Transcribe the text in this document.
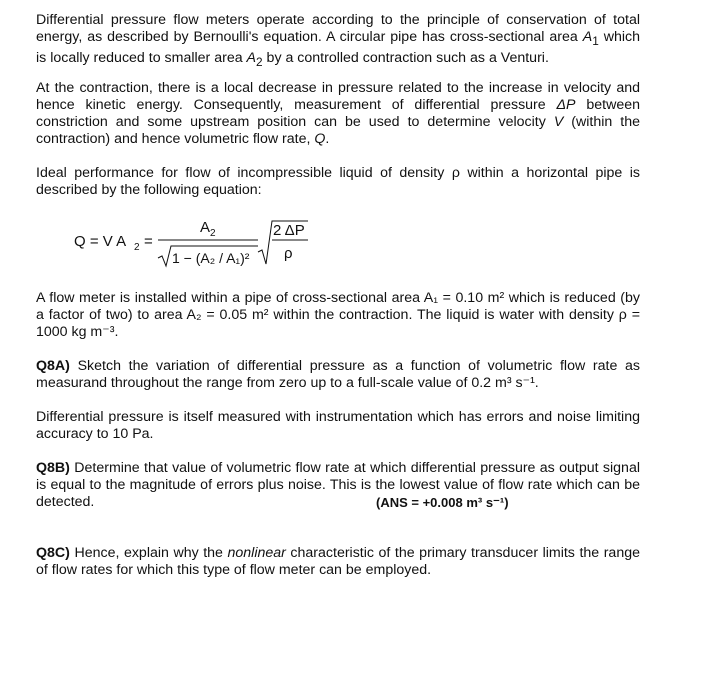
Differential pressure flow meters operate according to the principle of conservation of total energy, as described by Bernoulli's equation. A circular pipe has cross-sectional area $A_1$ which is locally reduced to smaller area $A_2$ by a controlled contraction such as a Venturi.

At the contraction, there is a local decrease in pressure related to the increase in velocity and hence kinetic energy. Consequently, measurement of differential pressure ΔP between constriction and some upstream position can be used to determine velocity V (within the contraction) and hence volumetric flow rate, Q.

Ideal performance for flow of incompressible liquid of density ρ within a horizontal pipe is described by the following equation:

Q = V A 2 =
A 2
1 − (A₂ / A₁)²
2 ΔP
ρ

A flow meter is installed within a pipe of cross-sectional area A₁ = 0.10 m² which is reduced (by a factor of two) to area A₂ = 0.05 m² within the contraction. The liquid is water with density ρ = 1000 kg m⁻³.

Q8A) Sketch the variation of differential pressure as a function of volumetric flow rate as measurand throughout the range from zero up to a full-scale value of 0.2 m³ s⁻¹.

Differential pressure is itself measured with instrumentation which has errors and noise limiting accuracy to 10 Pa.

Q8B) Determine that value of volumetric flow rate at which differential pressure as output signal is equal to the magnitude of errors plus noise. This is the lowest value of flow rate which can be detected.	(ANS = +0.008 m³ s⁻¹)

Q8C) Hence, explain why the nonlinear characteristic of the primary transducer limits the range of flow rates for which this type of flow meter can be employed.
